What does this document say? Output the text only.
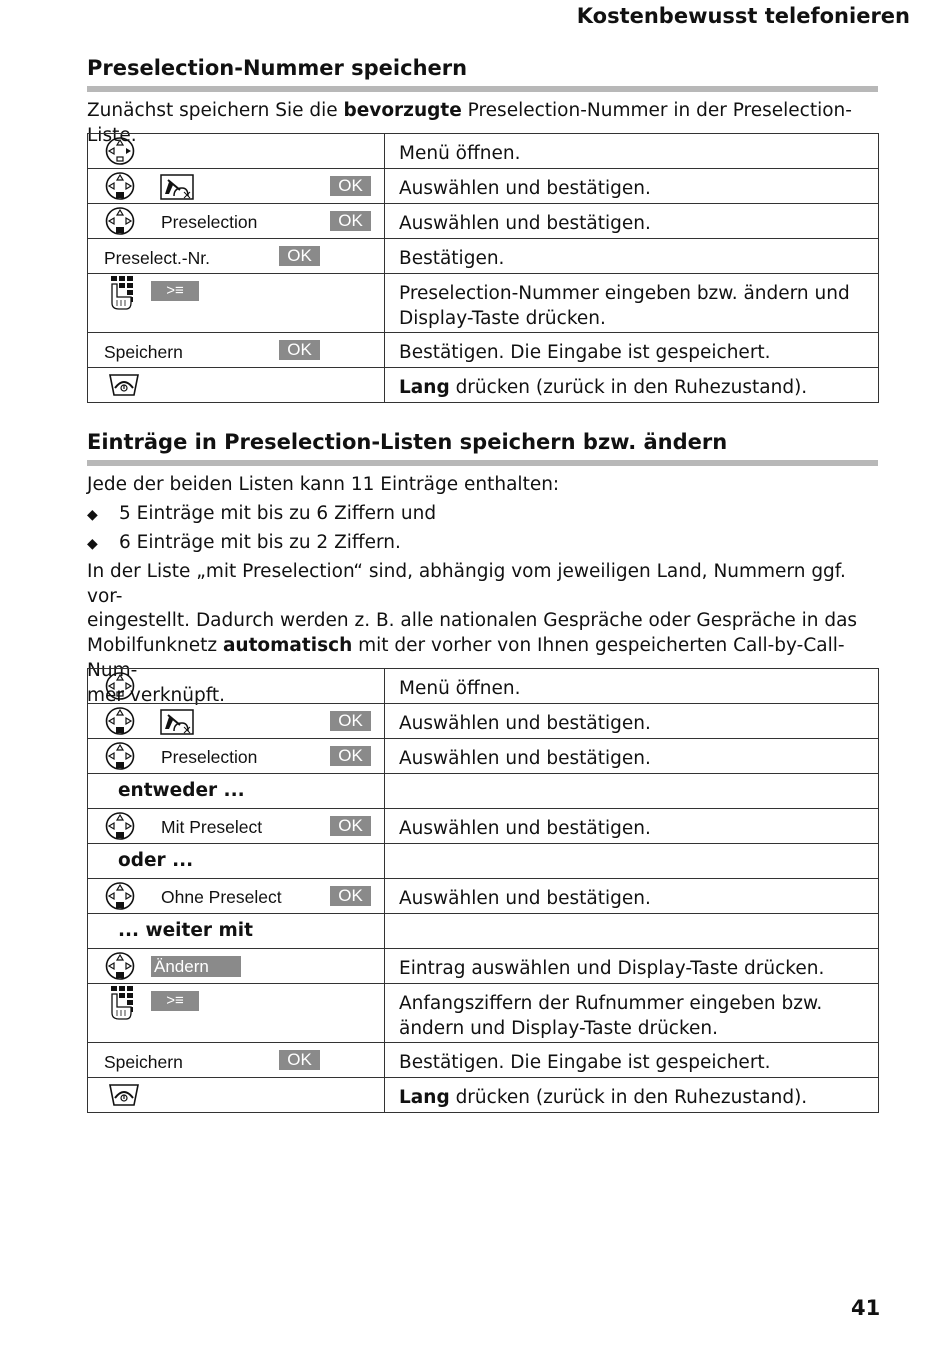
Kostenbewusst telefonieren
Preselection-Nummer speichern
Zunächst speichern Sie die bevorzugte Preselection-Nummer in der Preselection-Liste.
	Menü öffnen.

OK	Auswählen und bestätigen.

Preselection OK	Auswählen und bestätigen.

Preselect.-Nr. OK	Bestätigen.

>≡	Preselection-Nummer eingeben bzw. ändern und Display-Taste drücken.

Speichern OK	Bestätigen. Die Eingabe ist gespeichert.

	Lang drücken (zurück in den Ruhezustand).
Einträge in Preselection-Listen speichern bzw. ändern
Jede der beiden Listen kann 11 Einträge enthalten:
◆ 5 Einträge mit bis zu 6 Ziffern und
◆ 6 Einträge mit bis zu 2 Ziffern.
In der Liste „mit Preselection“ sind, abhängig vom jeweiligen Land, Nummern ggf. vor-
eingestellt. Dadurch werden z. B. alle nationalen Gespräche oder Gespräche in das
Mobilfunknetz automatisch mit der vorher von Ihnen gespeicherten Call-by-Call-Num-
mer verknüpft.
		Menü öffnen.

OK	Auswählen und bestätigen.

Preselection OK	Auswählen und bestätigen.

entweder ...	

Mit Preselect OK	Auswählen und bestätigen.

oder ...	

Ohne Preselect OK	Auswählen und bestätigen.

... weiter mit	

Ändern	Eintrag auswählen und Display-Taste drücken.

>≡	Anfangsziffern der Rufnummer eingeben bzw. ändern und Display-Taste drücken.

Speichern OK	Bestätigen. Die Eingabe ist gespeichert.

	Lang drücken (zurück in den Ruhezustand).
41
